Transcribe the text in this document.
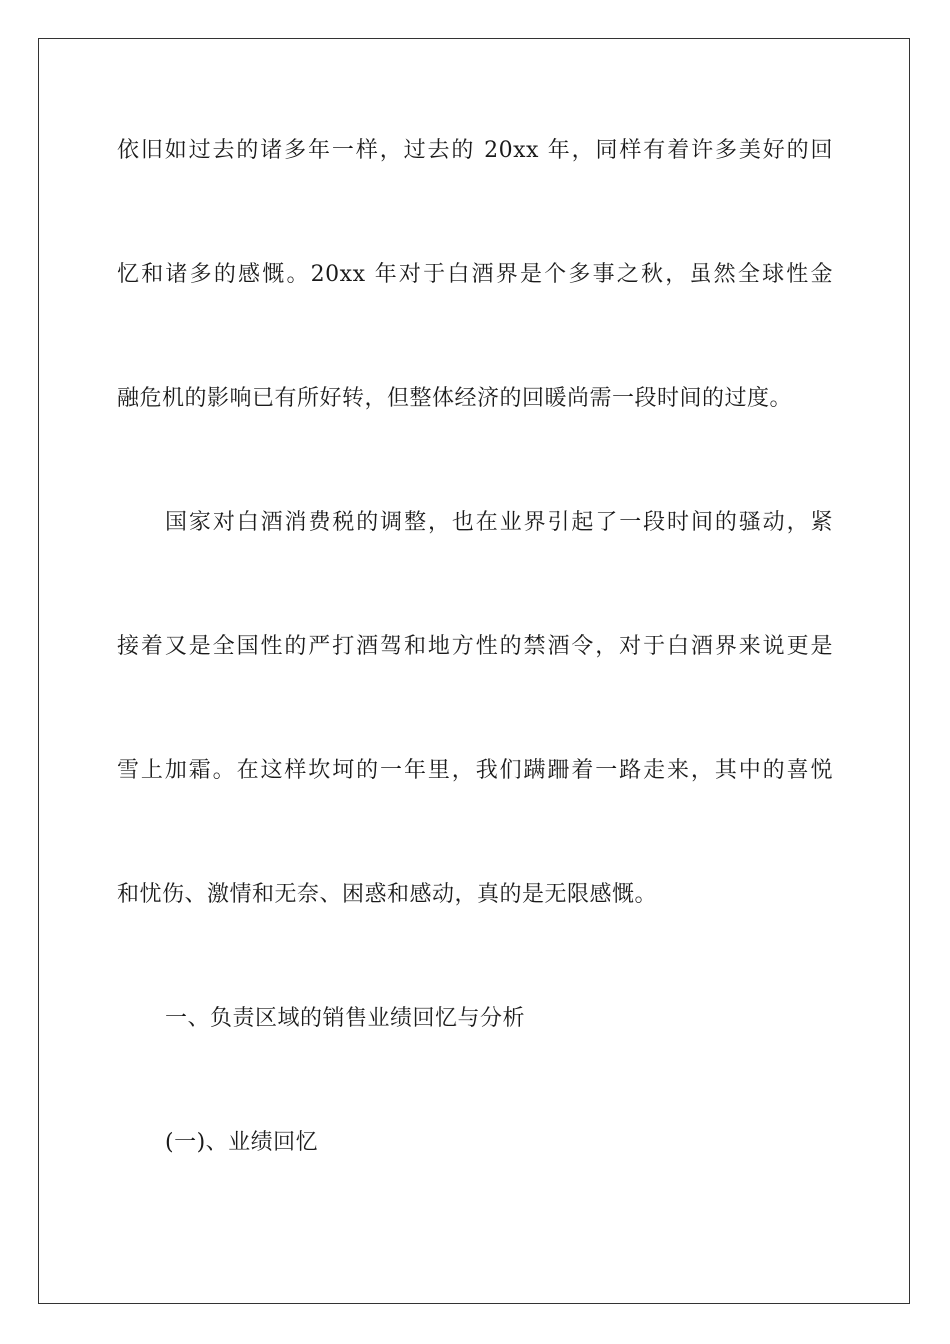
依旧如过去的诸多年一样，过去的 20xx 年，同样有着许多美好的回
忆和诸多的感慨。20xx 年对于白酒界是个多事之秋，虽然全球性金
融危机的影响已有所好转，但整体经济的回暖尚需一段时间的过度。
国家对白酒消费税的调整，也在业界引起了一段时间的骚动，紧
接着又是全国性的严打酒驾和地方性的禁酒令，对于白酒界来说更是
雪上加霜。在这样坎坷的一年里，我们蹒跚着一路走来，其中的喜悦
和忧伤、激情和无奈、困惑和感动，真的是无限感慨。
一、负责区域的销售业绩回忆与分析
(一)、业绩回忆
